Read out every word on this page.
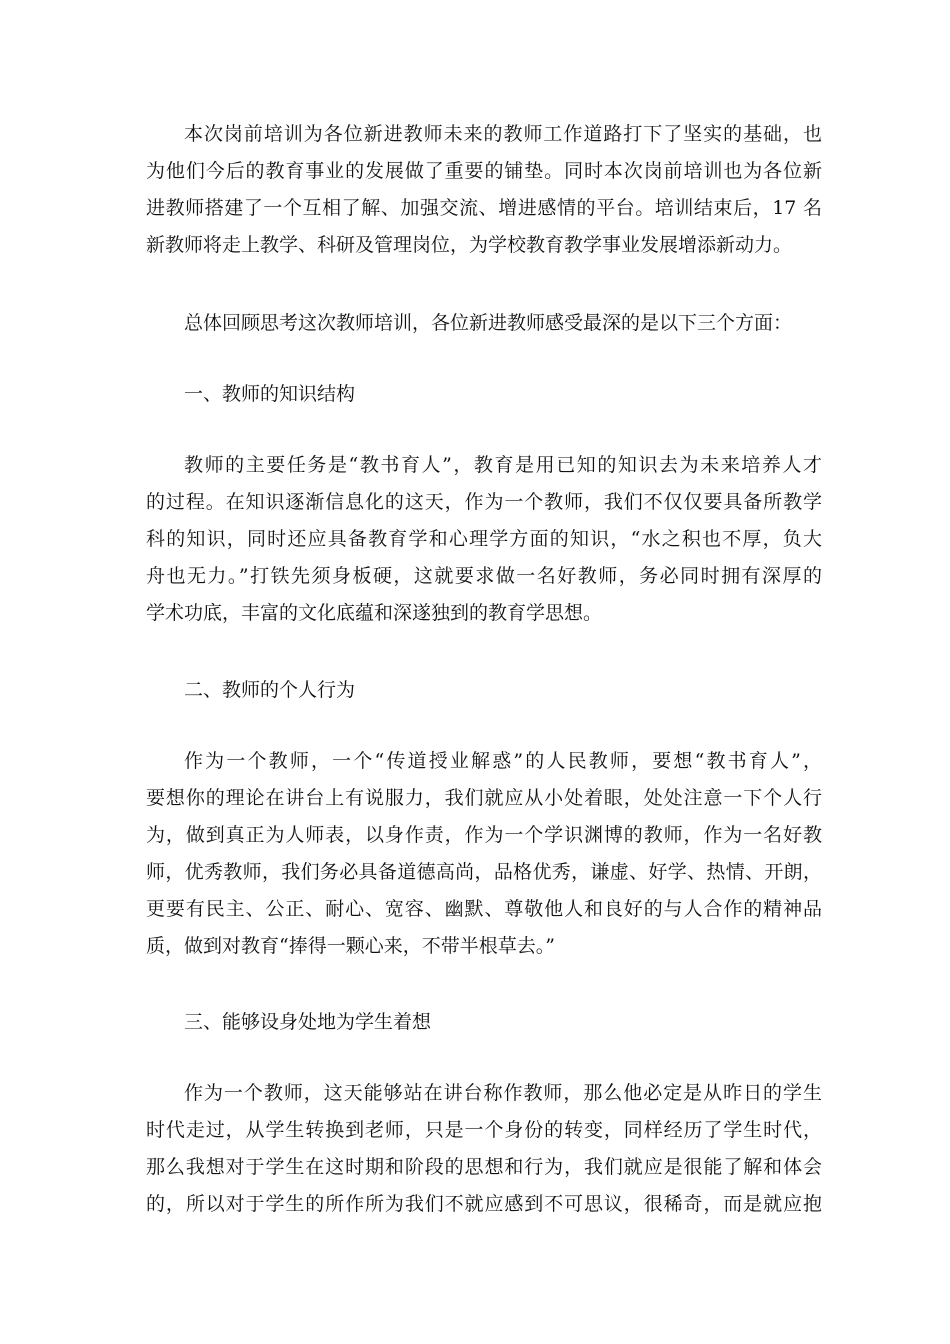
本次岗前培训为各位新进教师未来的教师工作道路打下了坚实的基础，也
为他们今后的教育事业的发展做了重要的铺垫。同时本次岗前培训也为各位新
进教师搭建了一个互相了解、加强交流、增进感情的平台。培训结束后，17 名
新教师将走上教学、科研及管理岗位，为学校教育教学事业发展增添新动力。
总体回顾思考这次教师培训，各位新进教师感受最深的是以下三个方面：
一、教师的知识结构
教师的主要任务是“教书育人”，教育是用已知的知识去为未来培养人才
的过程。在知识逐渐信息化的这天，作为一个教师，我们不仅仅要具备所教学
科的知识，同时还应具备教育学和心理学方面的知识，“水之积也不厚，负大
舟也无力。”打铁先须身板硬，这就要求做一名好教师，务必同时拥有深厚的
学术功底，丰富的文化底蕴和深遂独到的教育学思想。
二、教师的个人行为
作为一个教师，一个“传道授业解惑”的人民教师，要想“教书育人”，
要想你的理论在讲台上有说服力，我们就应从小处着眼，处处注意一下个人行
为，做到真正为人师表，以身作责，作为一个学识渊博的教师，作为一名好教
师，优秀教师，我们务必具备道德高尚，品格优秀，谦虚、好学、热情、开朗，
更要有民主、公正、耐心、宽容、幽默、尊敬他人和良好的与人合作的精神品
质，做到对教育“捧得一颗心来，不带半根草去。”
三、能够设身处地为学生着想
作为一个教师，这天能够站在讲台称作教师，那么他必定是从昨日的学生
时代走过，从学生转换到老师，只是一个身份的转变，同样经历了学生时代，
那么我想对于学生在这时期和阶段的思想和行为，我们就应是很能了解和体会
的，所以对于学生的所作所为我们不就应感到不可思议，很稀奇，而是就应抱
